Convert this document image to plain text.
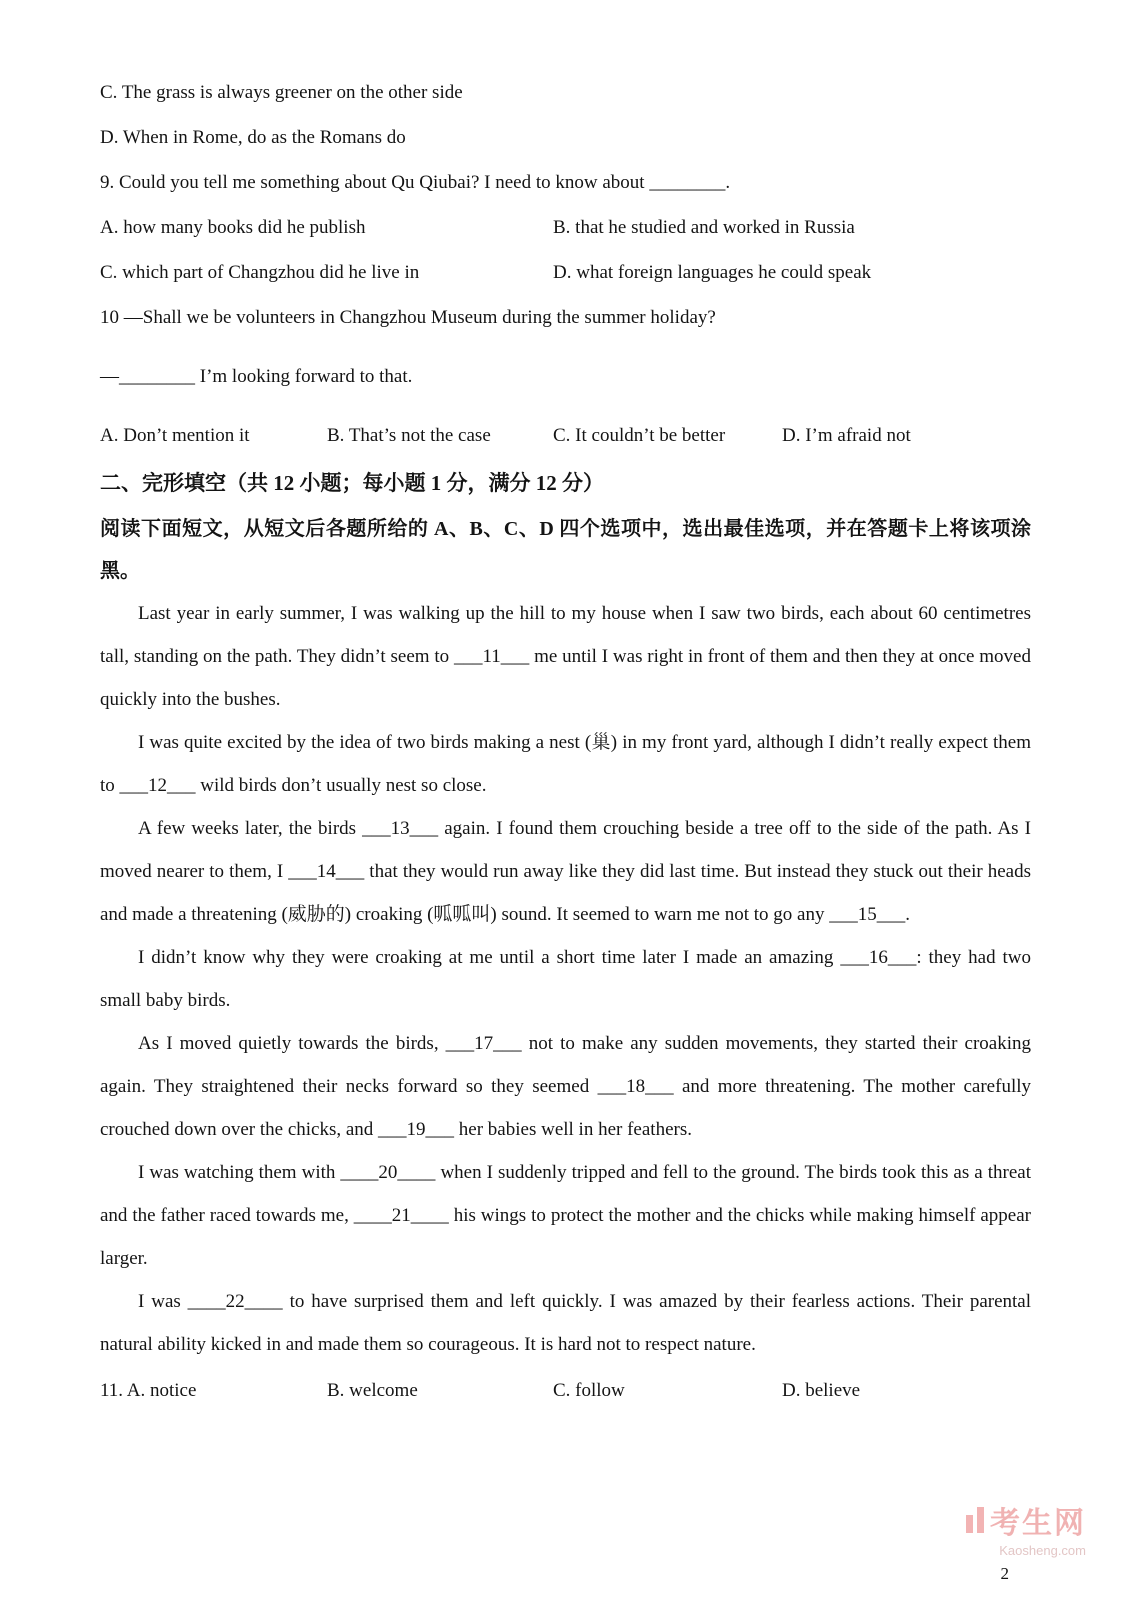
C. The grass is always greener on the other side
D. When in Rome, do as the Romans do
9. Could you tell me something about Qu Qiubai? I need to know about ________.
A. how many books did he publish	B. that he studied and worked in Russia
C. which part of Changzhou did he live in	D. what foreign languages he could speak
10 —Shall we be volunteers in Changzhou Museum during the summer holiday?
—________ I’m looking forward to that.
A. Don’t mention it	B. That’s not the case	C. It couldn’t be better	D. I’m afraid not
二、完形填空（共 12 小题；每小题 1 分，满分 12 分）

阅读下面短文，从短文后各题所给的 A、B、C、D 四个选项中，选出最佳选项，并在答题卡上将该项涂黑。

Last year in early summer, I was walking up the hill to my house when I saw two birds, each about 60 centimetres tall, standing on the path. They didn’t seem to ___11___ me until I was right in front of them and then they at once moved quickly into the bushes.

I was quite excited by the idea of two birds making a nest (巢) in my front yard, although I didn’t really expect them to ___12___ wild birds don’t usually nest so close.

A few weeks later, the birds ___13___ again. I found them crouching beside a tree off to the side of the path. As I moved nearer to them, I ___14___ that they would run away like they did last time. But instead they stuck out their heads and made a threatening (威胁的) croaking (呱呱叫) sound. It seemed to warn me not to go any ___15___.

I didn’t know why they were croaking at me until a short time later I made an amazing ___16___: they had two small baby birds.

As I moved quietly towards the birds, ___17___ not to make any sudden movements, they started their croaking again. They straightened their necks forward so they seemed ___18___ and more threatening. The mother carefully crouched down over the chicks, and ___19___ her babies well in her feathers.

I was watching them with ____20____ when I suddenly tripped and fell to the ground. The birds took this as a threat and the father raced towards me, ____21____ his wings to protect the mother and the chicks while making himself appear larger.

I was ____22____ to have surprised them and left quickly. I was amazed by their fearless actions. Their parental natural ability kicked in and made them so courageous. It is hard not to respect nature.

11. A. notice	B. welcome	C. follow	D. believe
考生网
Kaosheng.com
2
